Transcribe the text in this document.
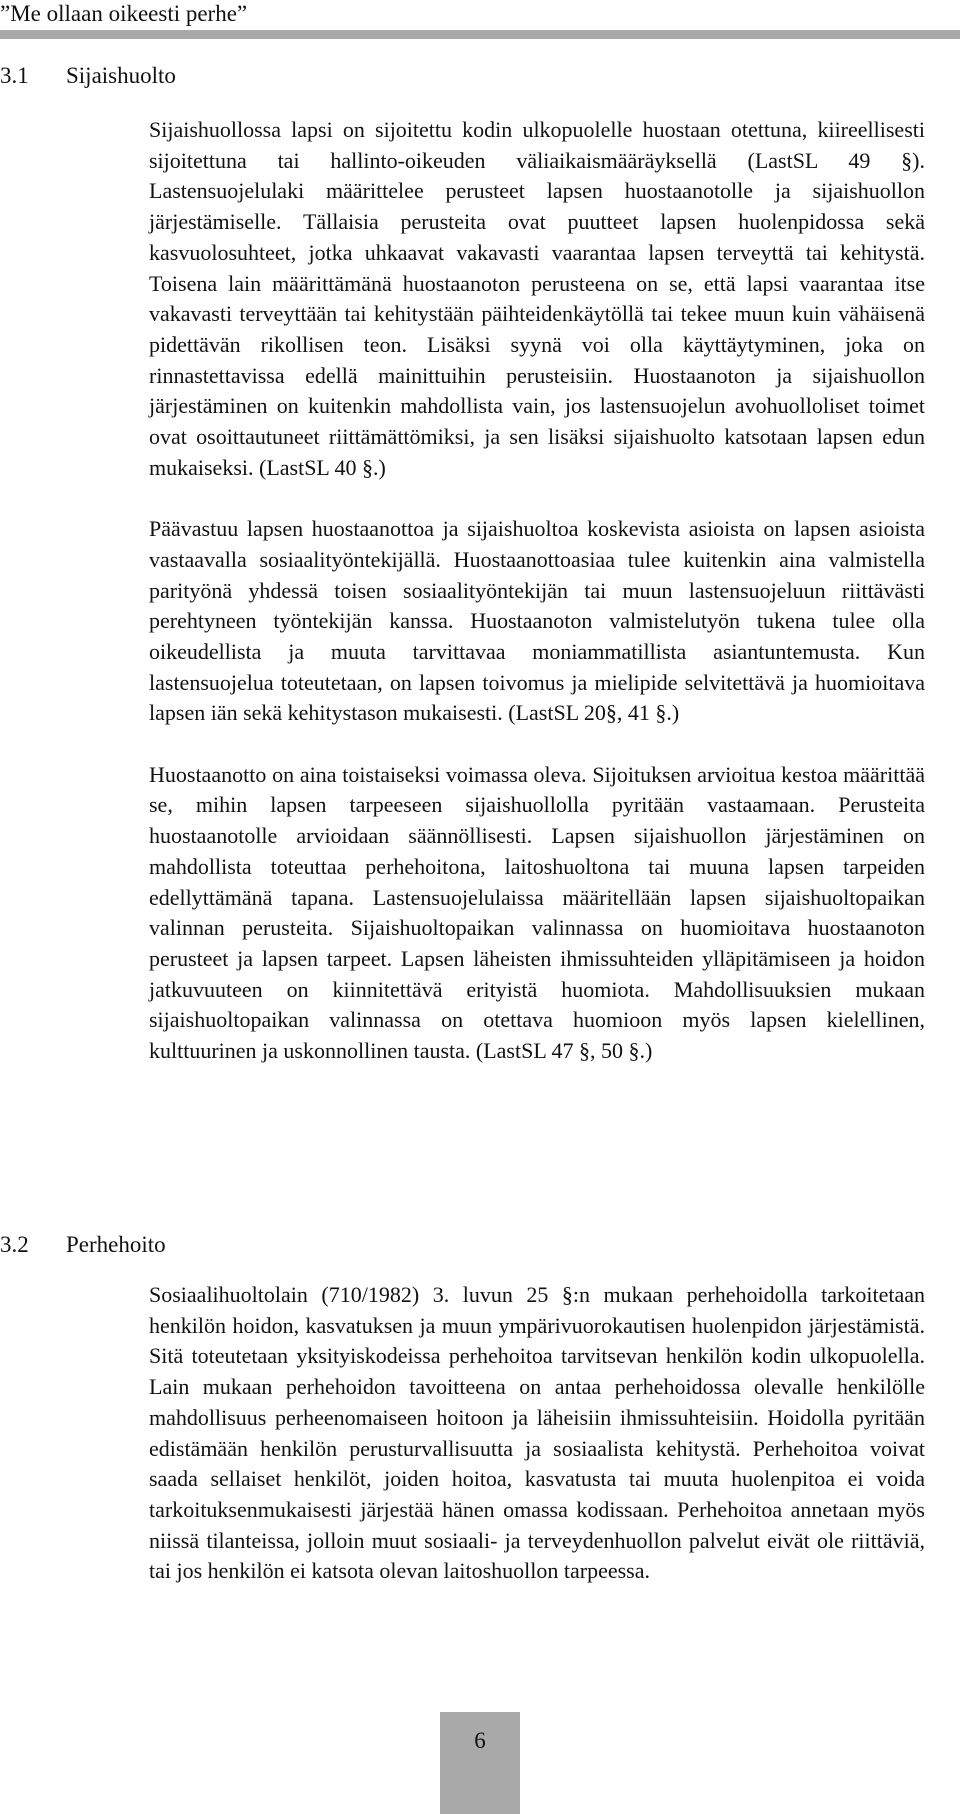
”Me ollaan oikeesti perhe”
3.1 Sijaishuolto

Sijaishuollossa lapsi on sijoitettu kodin ulkopuolelle huostaan otettuna, kiireellisesti sijoitettuna tai hallinto-oikeuden väliaikaismääräyksellä (LastSL 49 §). Lastensuojelulaki määrittelee perusteet lapsen huostaanotolle ja sijaishuollon järjestämiselle. Tällaisia perusteita ovat puutteet lapsen huolenpidossa sekä kasvuolosuhteet, jotka uhkaavat vakavasti vaarantaa lapsen terveyttä tai kehitystä. Toisena lain määrittämänä huostaanoton perusteena on se, että lapsi vaarantaa itse vakavasti terveyttään tai kehitystään päihteidenkäytöllä tai tekee muun kuin vähäisenä pidettävän rikollisen teon. Lisäksi syynä voi olla käyttäytyminen, joka on rinnastettavissa edellä mainittuihin perusteisiin. Huostaanoton ja sijaishuollon järjestäminen on kuitenkin mahdollista vain, jos lastensuojelun avohuolloliset toimet ovat osoittautuneet riittämättömiksi, ja sen lisäksi sijaishuolto katsotaan lapsen edun mukaiseksi. (LastSL 40 §.)

Päävastuu lapsen huostaanottoa ja sijaishuoltoa koskevista asioista on lapsen asioista vastaavalla sosiaalityöntekijällä. Huostaanottoasiaa tulee kuitenkin aina valmistella parityönä yhdessä toisen sosiaalityöntekijän tai muun lastensuojeluun riittävästi perehtyneen työntekijän kanssa. Huostaanoton valmistelutyön tukena tulee olla oikeudellista ja muuta tarvittavaa moniammatillista asiantuntemusta. Kun lastensuojelua toteutetaan, on lapsen toivomus ja mielipide selvitettävä ja huomioitava lapsen iän sekä kehitystason mukaisesti. (LastSL 20§, 41 §.)

Huostaanotto on aina toistaiseksi voimassa oleva. Sijoituksen arvioitua kestoa määrittää se, mihin lapsen tarpeeseen sijaishuollolla pyritään vastaamaan. Perusteita huostaanotolle arvioidaan säännöllisesti. Lapsen sijaishuollon järjestäminen on mahdollista toteuttaa perhehoitona, laitoshuoltona tai muuna lapsen tarpeiden edellyttämänä tapana. Lastensuojelulaissa määritellään lapsen sijaishuoltopaikan valinnan perusteita. Sijaishuoltopaikan valinnassa on huomioitava huostaanoton perusteet ja lapsen tarpeet. Lapsen läheisten ihmissuhteiden ylläpitämiseen ja hoidon jatkuvuuteen on kiinnitettävä erityistä huomiota. Mahdollisuuksien mukaan sijaishuoltopaikan valinnassa on otettava huomioon myös lapsen kielellinen, kulttuurinen ja uskonnollinen tausta. (LastSL 47 §, 50 §.)

3.2 Perhehoito

Sosiaalihuoltolain (710/1982) 3. luvun 25 §:n mukaan perhehoidolla tarkoitetaan henkilön hoidon, kasvatuksen ja muun ympärivuorokautisen huolenpidon järjestämistä. Sitä toteutetaan yksityiskodeissa perhehoitoa tarvitsevan henkilön kodin ulkopuolella. Lain mukaan perhehoidon tavoitteena on antaa perhehoidossa olevalle henkilölle mahdollisuus perheenomaiseen hoitoon ja läheisiin ihmissuhteisiin. Hoidolla pyritään edistämään henkilön perusturvallisuutta ja sosiaalista kehitystä. Perhehoitoa voivat saada sellaiset henkilöt, joiden hoitoa, kasvatusta tai muuta huolenpitoa ei voida tarkoituksenmukaisesti järjestää hänen omassa kodissaan. Perhehoitoa annetaan myös niissä tilanteissa, jolloin muut sosiaali- ja terveydenhuollon palvelut eivät ole riittäviä, tai jos henkilön ei katsota olevan laitoshuollon tarpeessa.

6
